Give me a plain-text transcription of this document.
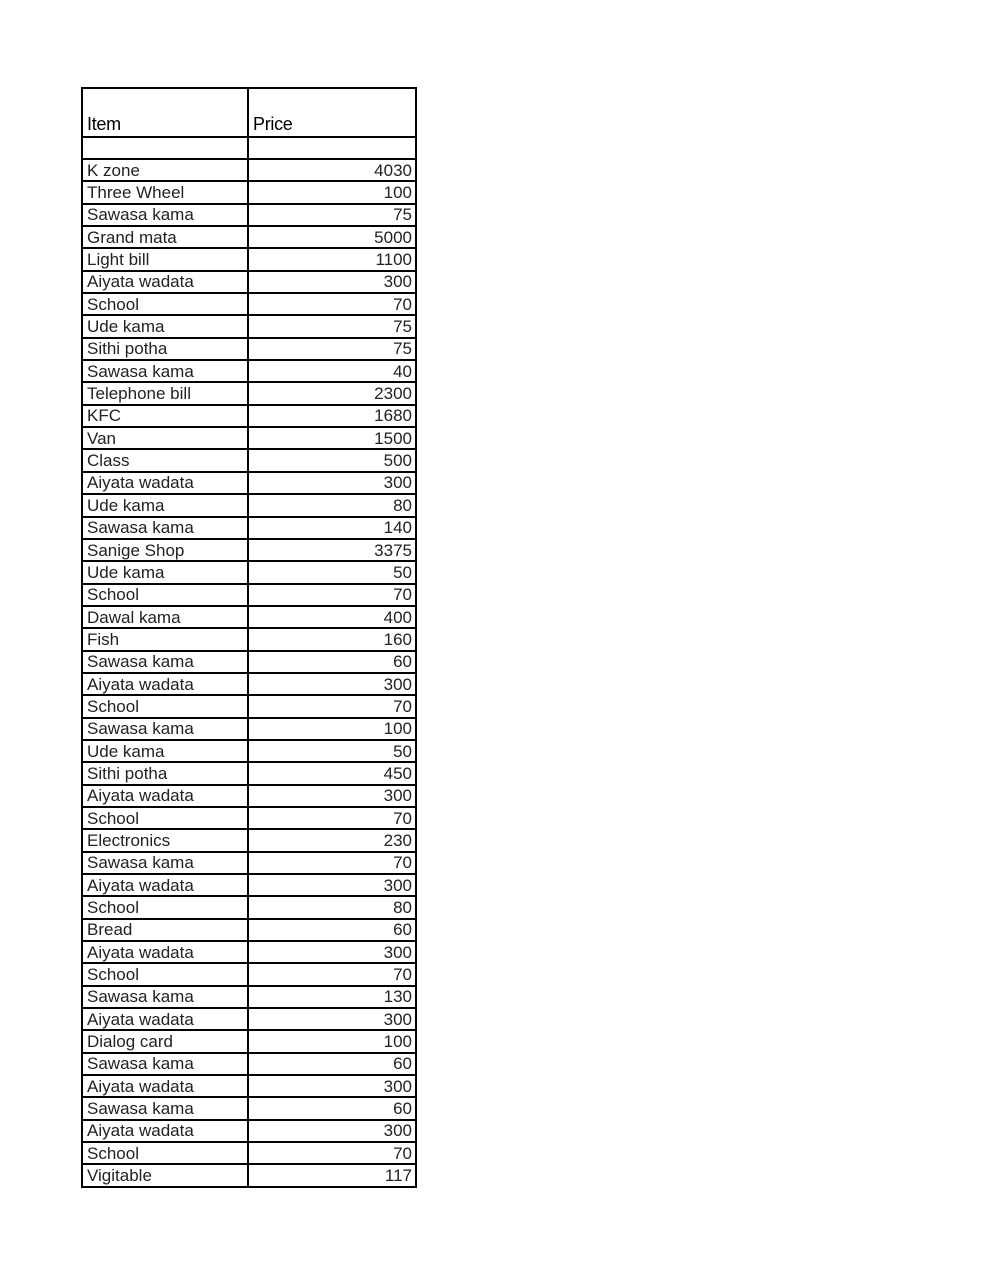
Item	Price

K zone	4030
Three Wheel	100
Sawasa kama	75
Grand mata	5000
Light bill	1100
Aiyata wadata	300
School	70
Ude kama	75
Sithi potha	75
Sawasa kama	40
Telephone bill	2300
KFC	1680
Van	1500
Class	500
Aiyata wadata	300
Ude kama	80
Sawasa kama	140
Sanige Shop	3375
Ude kama	50
School	70
Dawal kama	400
Fish	160
Sawasa kama	60
Aiyata wadata	300
School	70
Sawasa kama	100
Ude kama	50
Sithi potha	450
Aiyata wadata	300
School	70
Electronics	230
Sawasa kama	70
Aiyata wadata	300
School	80
Bread	60
Aiyata wadata	300
School	70
Sawasa kama	130
Aiyata wadata	300
Dialog card	100
Sawasa kama	60
Aiyata wadata	300
Sawasa kama	60
Aiyata wadata	300
School	70
Vigitable	117
